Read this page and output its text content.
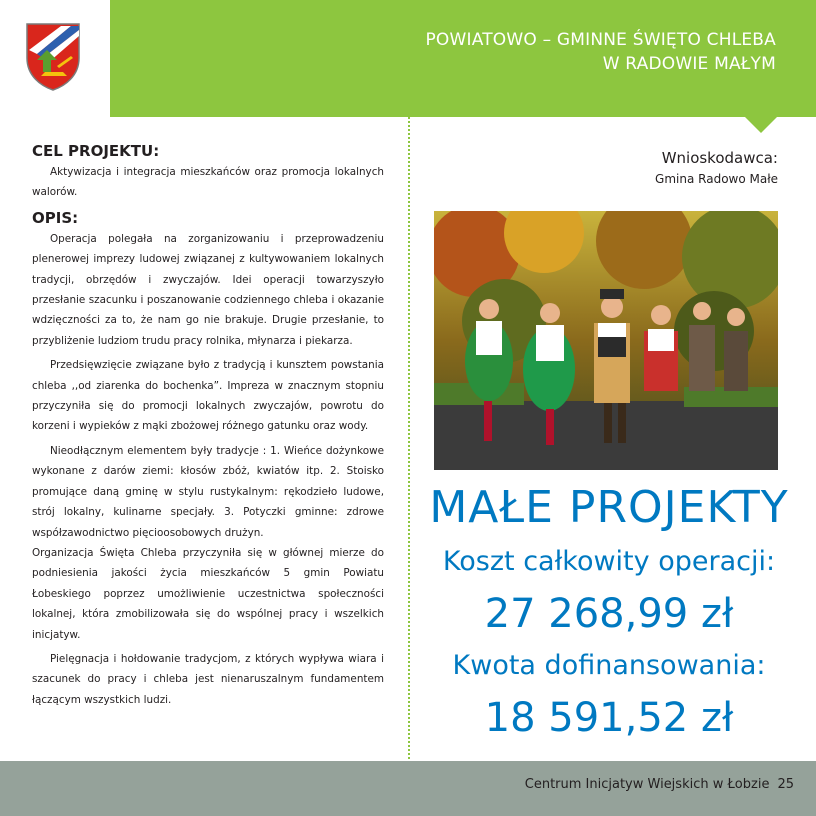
POWIATOWO – GMINNE ŚWIĘTO CHLEBA
W RADOWIE MAŁYM
CEL PROJEKTU:

Aktywizacja i integracja mieszkańców oraz promocja lokalnych walorów.

OPIS:

Operacja polegała na zorganizowaniu i przeprowadzeniu plenerowej imprezy ludowej związanej z kultywowaniem lokalnych tradycji, obrzędów i zwyczajów. Idei operacji towarzyszyło przesłanie szacunku i poszanowanie codziennego chleba i okazanie wdzięczności za to, że nam go nie brakuje. Drugie przesłanie, to przybliżenie ludziom trudu pracy rolnika, młynarza i piekarza.

Przedsięwzięcie związane było z tradycją i kunsztem powstania chleba ,,od ziarenka do bochenka”. Impreza w znacznym stopniu przyczyniła się do promocji lokalnych zwyczajów, powrotu do korzeni i wypieków z mąki zbożowej różnego gatunku oraz wody.

Nieodłącznym elementem były tradycje : 1. Wieńce dożynkowe wykonane z darów ziemi: kłosów zbóż, kwiatów itp. 2. Stoisko promujące daną gminę w stylu rustykalnym: rękodzieło ludowe, strój lokalny, kulinarne specjały. 3. Potyczki gminne: zdrowe współzawodnictwo pięcioosobowych drużyn.

Organizacja Święta Chleba przyczyniła się w głównej mierze do podniesienia jakości życia mieszkańców 5 gmin Powiatu Łobeskiego poprzez umożliwienie uczestnictwa społeczności lokalnej, która zmobilizowała się do wspólnej pracy i wszelkich inicjatyw.

Pielęgnacja i hołdowanie tradycjom, z których wypływa wiara i szacunek do pracy i chleba jest nienaruszalnym fundamentem łączącym wszystkich ludzi.

Wnioskodawca:
Gmina Radowo Małe
MAŁE PROJEKTY
Koszt całkowity operacji:
27 268,99 zł
Kwota dofinansowania:
18 591,52 zł
Centrum Inicjatyw Wiejskich w Łobzie 25
